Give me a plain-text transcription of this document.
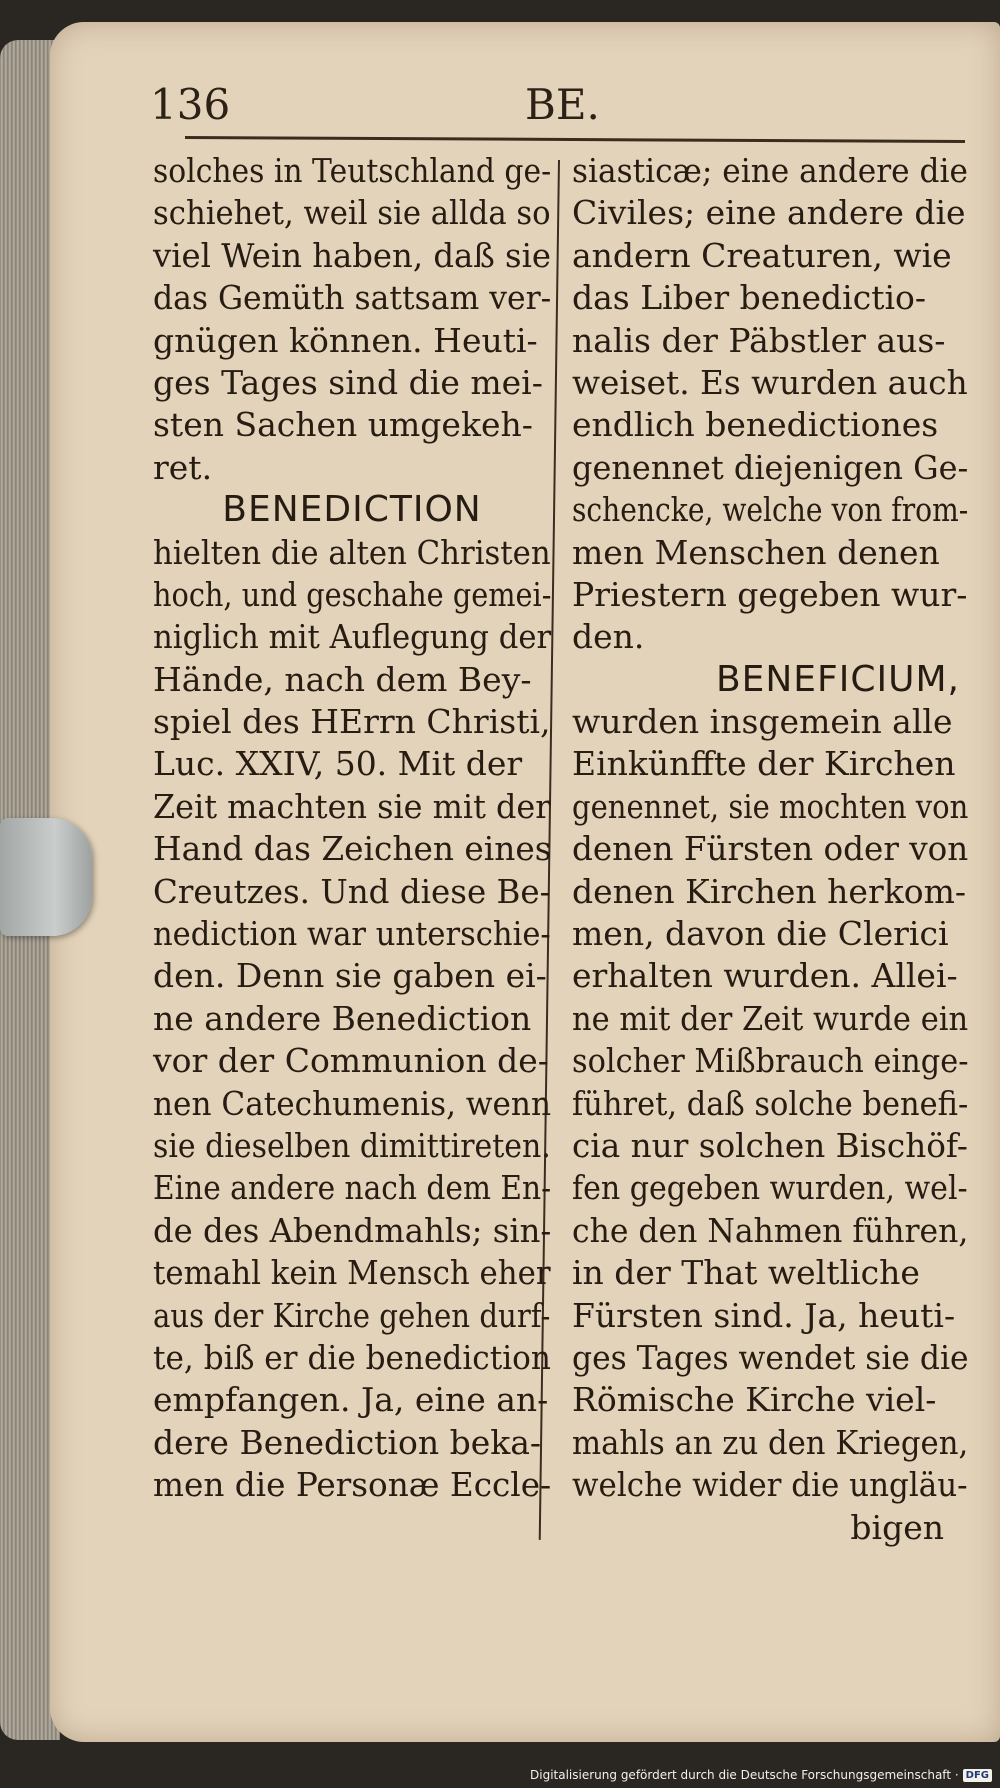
136	BE.
solches in Teutschland ge-
schiehet, weil sie allda so
viel Wein haben, daß sie
das Gemüth sattsam ver-
gnügen können. Heuti-
ges Tages sind die mei-
sten Sachen umgekeh-
ret.
BENEDICTION
hielten die alten Christen
hoch, und geschahe gemei-
niglich mit Auflegung der
Hände, nach dem Bey-
spiel des HErrn Christi,
Luc. XXIV, 50. Mit der
Zeit machten sie mit der
Hand das Zeichen eines
Creutzes. Und diese Be-
nediction war unterschie-
den. Denn sie gaben ei-
ne andere Benediction
vor der Communion de-
nen Catechumenis, wenn
sie dieselben dimittireten.
Eine andere nach dem En-
de des Abendmahls; sin-
temahl kein Mensch eher
aus der Kirche gehen durf-
te, biß er die benediction
empfangen. Ja, eine an-
dere Benediction beka-
men die Personæ Eccle-
siasticæ; eine andere die
Civiles; eine andere die
andern Creaturen, wie
das Liber benedictio-
nalis der Päbstler aus-
weiset. Es wurden auch
endlich benedictiones
genennet diejenigen Ge-
schencke, welche von from-
men Menschen denen
Priestern gegeben wur-
den.
BENEFICIUM,
wurden insgemein alle
Einkünffte der Kirchen
genennet, sie mochten von
denen Fürsten oder von
denen Kirchen herkom-
men, davon die Clerici
erhalten wurden. Allei-
ne mit der Zeit wurde ein
solcher Mißbrauch einge-
führet, daß solche benefi-
cia nur solchen Bischöf-
fen gegeben wurden, wel-
che den Nahmen führen,
in der That weltliche
Fürsten sind. Ja, heuti-
ges Tages wendet sie die
Römische Kirche viel-
mahls an zu den Kriegen,
welche wider die ungläu-
bigen
Digitalisierung gefördert durch die Deutsche Forschungsgemeinschaft · DFG
